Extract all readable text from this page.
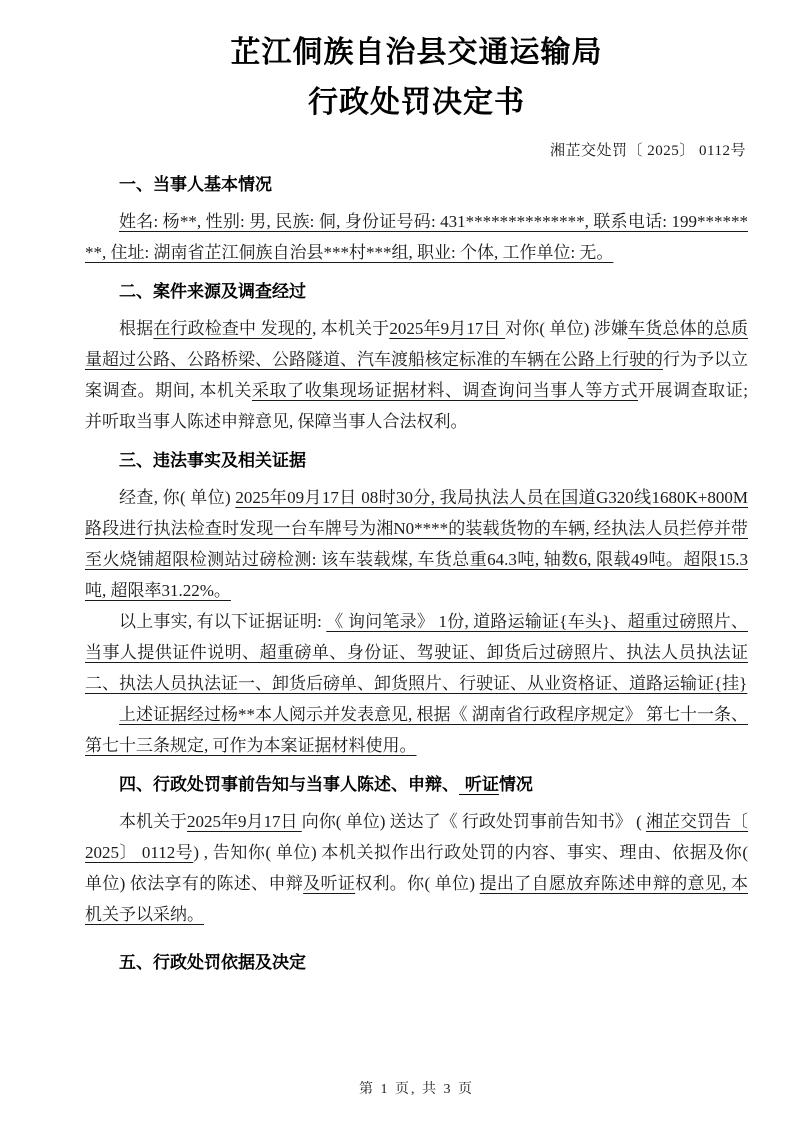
芷江侗族自治县交通运输局
行政处罚决定书
湘芷交处罚〔 2025〕 0112号
一、当事人基本情况

姓名: 杨**, 性别: 男, 民族: 侗, 身份证号码: 431**************, 联系电话: 199********, 住址: 湖南省芷江侗族自治县***村***组, 职业: 个体, 工作单位: 无。

二、案件来源及调查经过

根据在行政检查中 发现的, 本机关于2025年9月17日 对你( 单位) 涉嫌车货总体的总质量超过公路、公路桥梁、公路隧道、汽车渡船核定标准的车辆在公路上行驶的行为予以立案调查。期间, 本机关采取了收集现场证据材料、调查询问当事人等方式开展调查取证; 并听取当事人陈述申辩意见, 保障当事人合法权利。

三、违法事实及相关证据

经查, 你( 单位) 2025年09月17日 08时30分, 我局执法人员在国道G320线1680K+800M路段进行执法检查时发现一台车牌号为湘N0****的装载货物的车辆, 经执法人员拦停并带至火烧铺超限检测站过磅检测: 该车装载煤, 车货总重64.3吨, 轴数6, 限载49吨。超限15.3吨, 超限率31.22%。

以上事实, 有以下证据证明: 《 询问笔录》 1份, 道路运输证{车头}、超重过磅照片、当事人提供证件说明、超重磅单、身份证、驾驶证、卸货后过磅照片、执法人员执法证二、执法人员执法证一、卸货后磅单、卸货照片、行驶证、从业资格证、道路运输证{挂}

上述证据经过杨**本人阅示并发表意见, 根据《 湖南省行政程序规定》 第七十一条、第七十三条规定, 可作为本案证据材料使用。

四、行政处罚事前告知与当事人陈述、申辩、 听证情况

本机关于2025年9月17日 向你( 单位) 送达了《 行政处罚事前告知书》 ( 湘芷交罚告〔 2025〕 0112号) , 告知你( 单位) 本机关拟作出行政处罚的内容、事实、理由、依据及你( 单位) 依法享有的陈述、申辩及听证权利。你( 单位) 提出了自愿放弃陈述申辩的意见, 本机关予以采纳。

五、行政处罚依据及决定
第 1 页, 共 3 页
